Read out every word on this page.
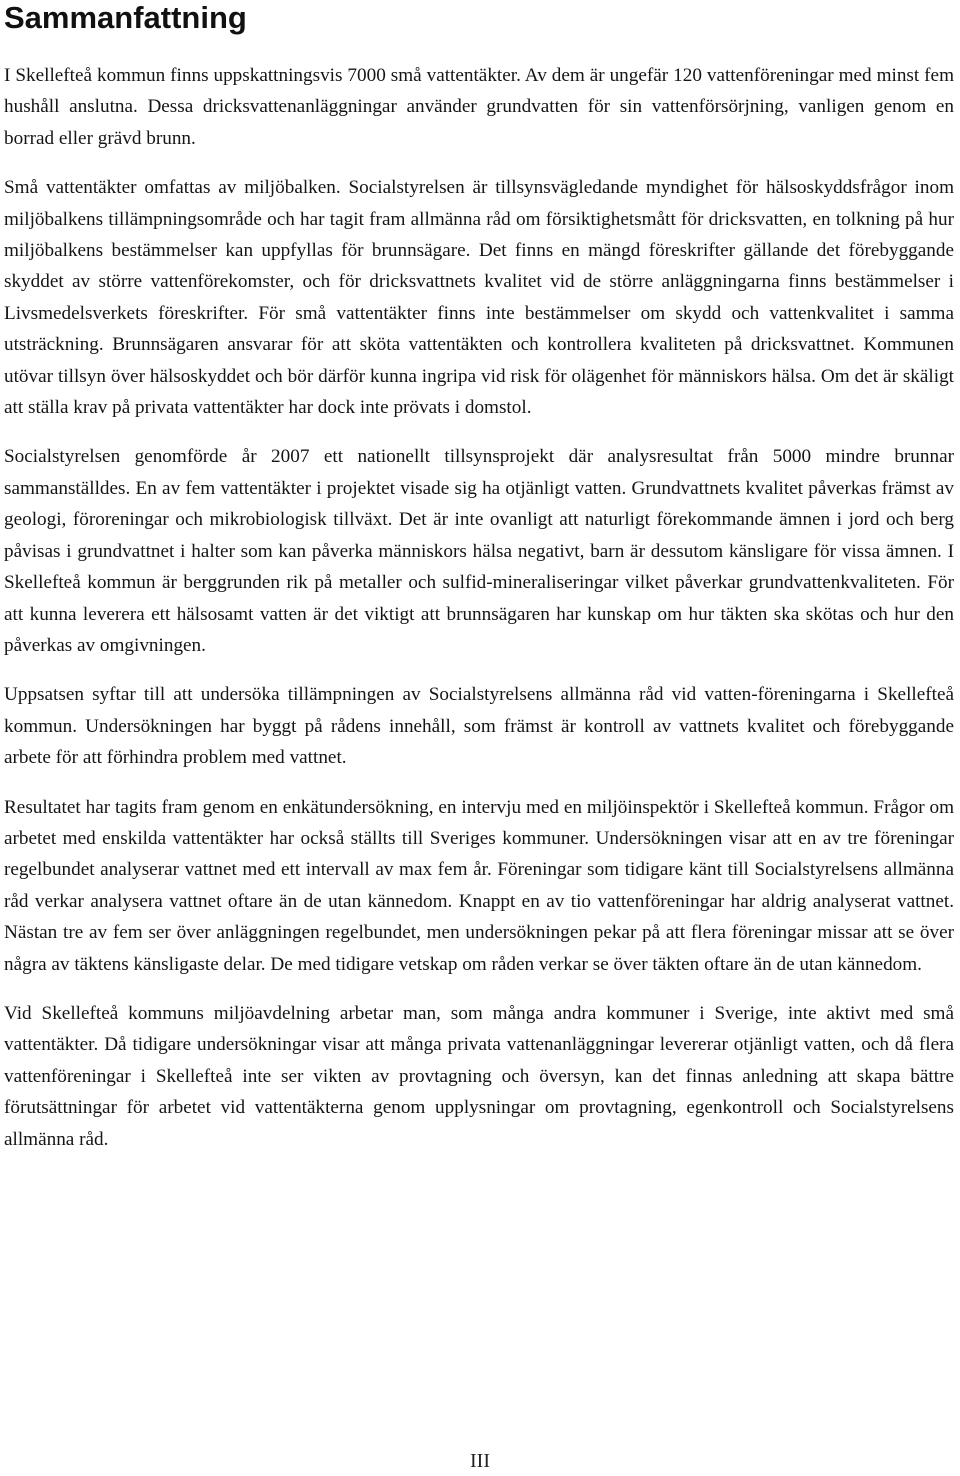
Sammanfattning

I Skellefteå kommun finns uppskattningsvis 7000 små vattentäkter. Av dem är ungefär 120 vattenföreningar med minst fem hushåll anslutna. Dessa dricksvattenanläggningar använder grundvatten för sin vattenförsörjning, vanligen genom en borrad eller grävd brunn.

Små vattentäkter omfattas av miljöbalken. Socialstyrelsen är tillsynsvägledande myndighet för hälsoskyddsfrågor inom miljöbalkens tillämpningsområde och har tagit fram allmänna råd om försiktighetsmått för dricksvatten, en tolkning på hur miljöbalkens bestämmelser kan uppfyllas för brunnsägare. Det finns en mängd föreskrifter gällande det förebyggande skyddet av större vattenförekomster, och för dricksvattnets kvalitet vid de större anläggningarna finns bestämmelser i Livsmedelsverkets föreskrifter. För små vattentäkter finns inte bestämmelser om skydd och vattenkvalitet i samma utsträckning. Brunnsägaren ansvarar för att sköta vattentäkten och kontrollera kvaliteten på dricksvattnet. Kommunen utövar tillsyn över hälsoskyddet och bör därför kunna ingripa vid risk för olägenhet för människors hälsa. Om det är skäligt att ställa krav på privata vattentäkter har dock inte prövats i domstol.

Socialstyrelsen genomförde år 2007 ett nationellt tillsynsprojekt där analysresultat från 5000 mindre brunnar sammanställdes. En av fem vattentäkter i projektet visade sig ha otjänligt vatten. Grundvattnets kvalitet påverkas främst av geologi, föroreningar och mikrobiologisk tillväxt. Det är inte ovanligt att naturligt förekommande ämnen i jord och berg påvisas i grundvattnet i halter som kan påverka människors hälsa negativt, barn är dessutom känsligare för vissa ämnen. I Skellefteå kommun är berggrunden rik på metaller och sulfid-mineraliseringar vilket påverkar grundvattenkvaliteten. För att kunna leverera ett hälsosamt vatten är det viktigt att brunnsägaren har kunskap om hur täkten ska skötas och hur den påverkas av omgivningen.

Uppsatsen syftar till att undersöka tillämpningen av Socialstyrelsens allmänna råd vid vatten-föreningarna i Skellefteå kommun. Undersökningen har byggt på rådens innehåll, som främst är kontroll av vattnets kvalitet och förebyggande arbete för att förhindra problem med vattnet.

Resultatet har tagits fram genom en enkätundersökning, en intervju med en miljöinspektör i Skellefteå kommun. Frågor om arbetet med enskilda vattentäkter har också ställts till Sveriges kommuner. Undersökningen visar att en av tre föreningar regelbundet analyserar vattnet med ett intervall av max fem år. Föreningar som tidigare känt till Socialstyrelsens allmänna råd verkar analysera vattnet oftare än de utan kännedom. Knappt en av tio vattenföreningar har aldrig analyserat vattnet. Nästan tre av fem ser över anläggningen regelbundet, men undersökningen pekar på att flera föreningar missar att se över några av täktens känsligaste delar. De med tidigare vetskap om råden verkar se över täkten oftare än de utan kännedom.

Vid Skellefteå kommuns miljöavdelning arbetar man, som många andra kommuner i Sverige, inte aktivt med små vattentäkter. Då tidigare undersökningar visar att många privata vattenanläggningar levererar otjänligt vatten, och då flera vattenföreningar i Skellefteå inte ser vikten av provtagning och översyn, kan det finnas anledning att skapa bättre förutsättningar för arbetet vid vattentäkterna genom upplysningar om provtagning, egenkontroll och Socialstyrelsens allmänna råd.

III
